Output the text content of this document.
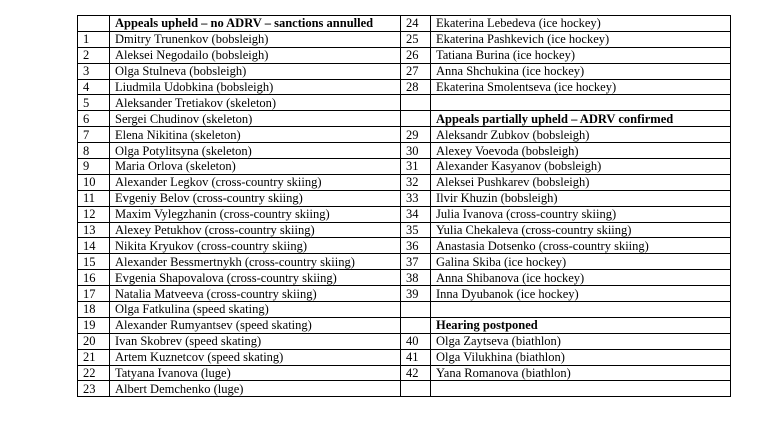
	Appeals upheld – no ADRV – sanctions annulled	24	Ekaterina Lebedeva (ice hockey)
1	Dmitry Trunenkov (bobsleigh)	25	Ekaterina Pashkevich (ice hockey)
2	Aleksei Negodailo (bobsleigh)	26	Tatiana Burina (ice hockey)
3	Olga Stulneva (bobsleigh)	27	Anna Shchukina (ice hockey)
4	Liudmila Udobkina (bobsleigh)	28	Ekaterina Smolentseva (ice hockey)
5	Aleksander Tretiakov (skeleton)		
6	Sergei Chudinov (skeleton)		Appeals partially upheld – ADRV confirmed
7	Elena Nikitina (skeleton)	29	Aleksandr Zubkov (bobsleigh)
8	Olga Potylitsyna (skeleton)	30	Alexey Voevoda (bobsleigh)
9	Maria Orlova (skeleton)	31	Alexander Kasyanov (bobsleigh)
10	Alexander Legkov (cross-country skiing)	32	Aleksei Pushkarev (bobsleigh)
11	Evgeniy Belov (cross-country skiing)	33	Ilvir Khuzin (bobsleigh)
12	Maxim Vylegzhanin (cross-country skiing)	34	Julia Ivanova (cross-country skiing)
13	Alexey Petukhov (cross-country skiing)	35	Yulia Chekaleva (cross-country skiing)
14	Nikita Kryukov (cross-country skiing)	36	Anastasia Dotsenko (cross-country skiing)
15	Alexander Bessmertnykh (cross-country skiing)	37	Galina Skiba (ice hockey)
16	Evgenia Shapovalova (cross-country skiing)	38	Anna Shibanova (ice hockey)
17	Natalia Matveeva (cross-country skiing)	39	Inna Dyubanok (ice hockey)
18	Olga Fatkulina (speed skating)		
19	Alexander Rumyantsev (speed skating)		Hearing postponed
20	Ivan Skobrev (speed skating)	40	Olga Zaytseva (biathlon)
21	Artem Kuznetcov (speed skating)	41	Olga Vilukhina (biathlon)
22	Tatyana Ivanova (luge)	42	Yana Romanova (biathlon)
23	Albert Demchenko (luge)		
